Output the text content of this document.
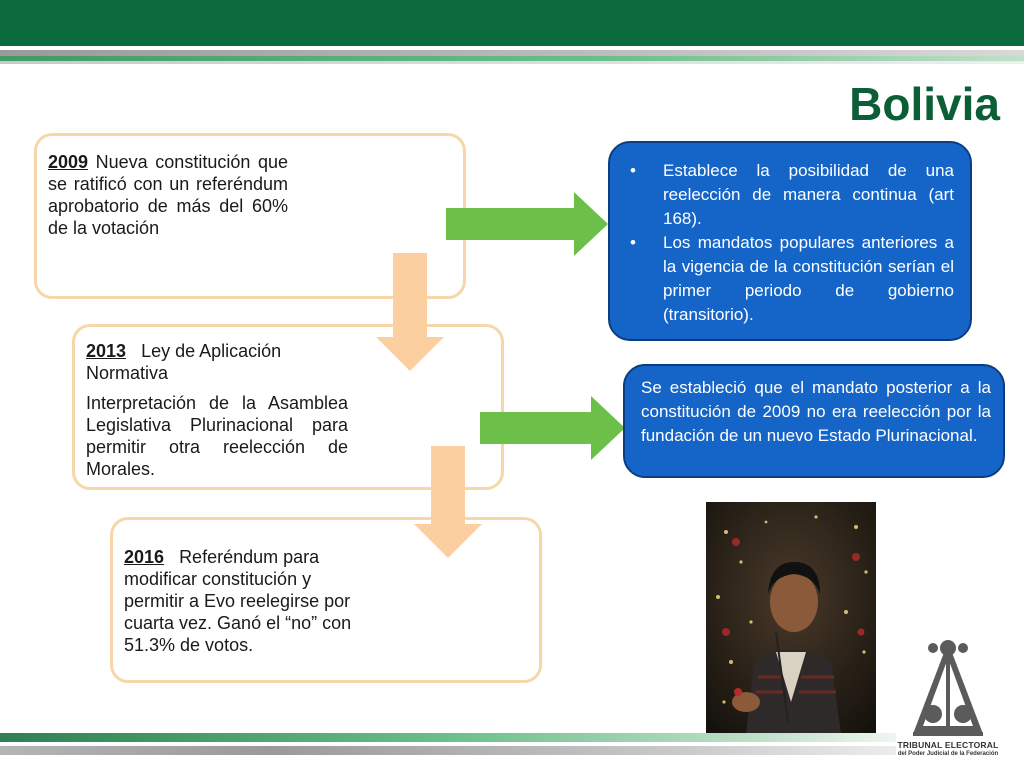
Bolivia
2009 Nueva constitución que se ratificó con un referéndum aprobatorio de más del 60% de la votación
2013 Ley de Aplicación Normativa
Interpretación de la Asamblea Legislativa Plurinacional para permitir otra reelección de Morales.
2016 Referéndum para modificar constitución y permitir a Evo reelegirse por cuarta vez. Ganó el “no” con 51.3% de votos.
• Establece la posibilidad de una reelección de manera continua (art 168).
• Los mandatos populares anteriores a la vigencia de la constitución serían el primer periodo de gobierno (transitorio).
Se estableció que el mandato posterior a la constitución de 2009 no era reelección por la fundación de un nuevo Estado Plurinacional.
TRIBUNAL ELECTORAL
del Poder Judicial de la Federación
